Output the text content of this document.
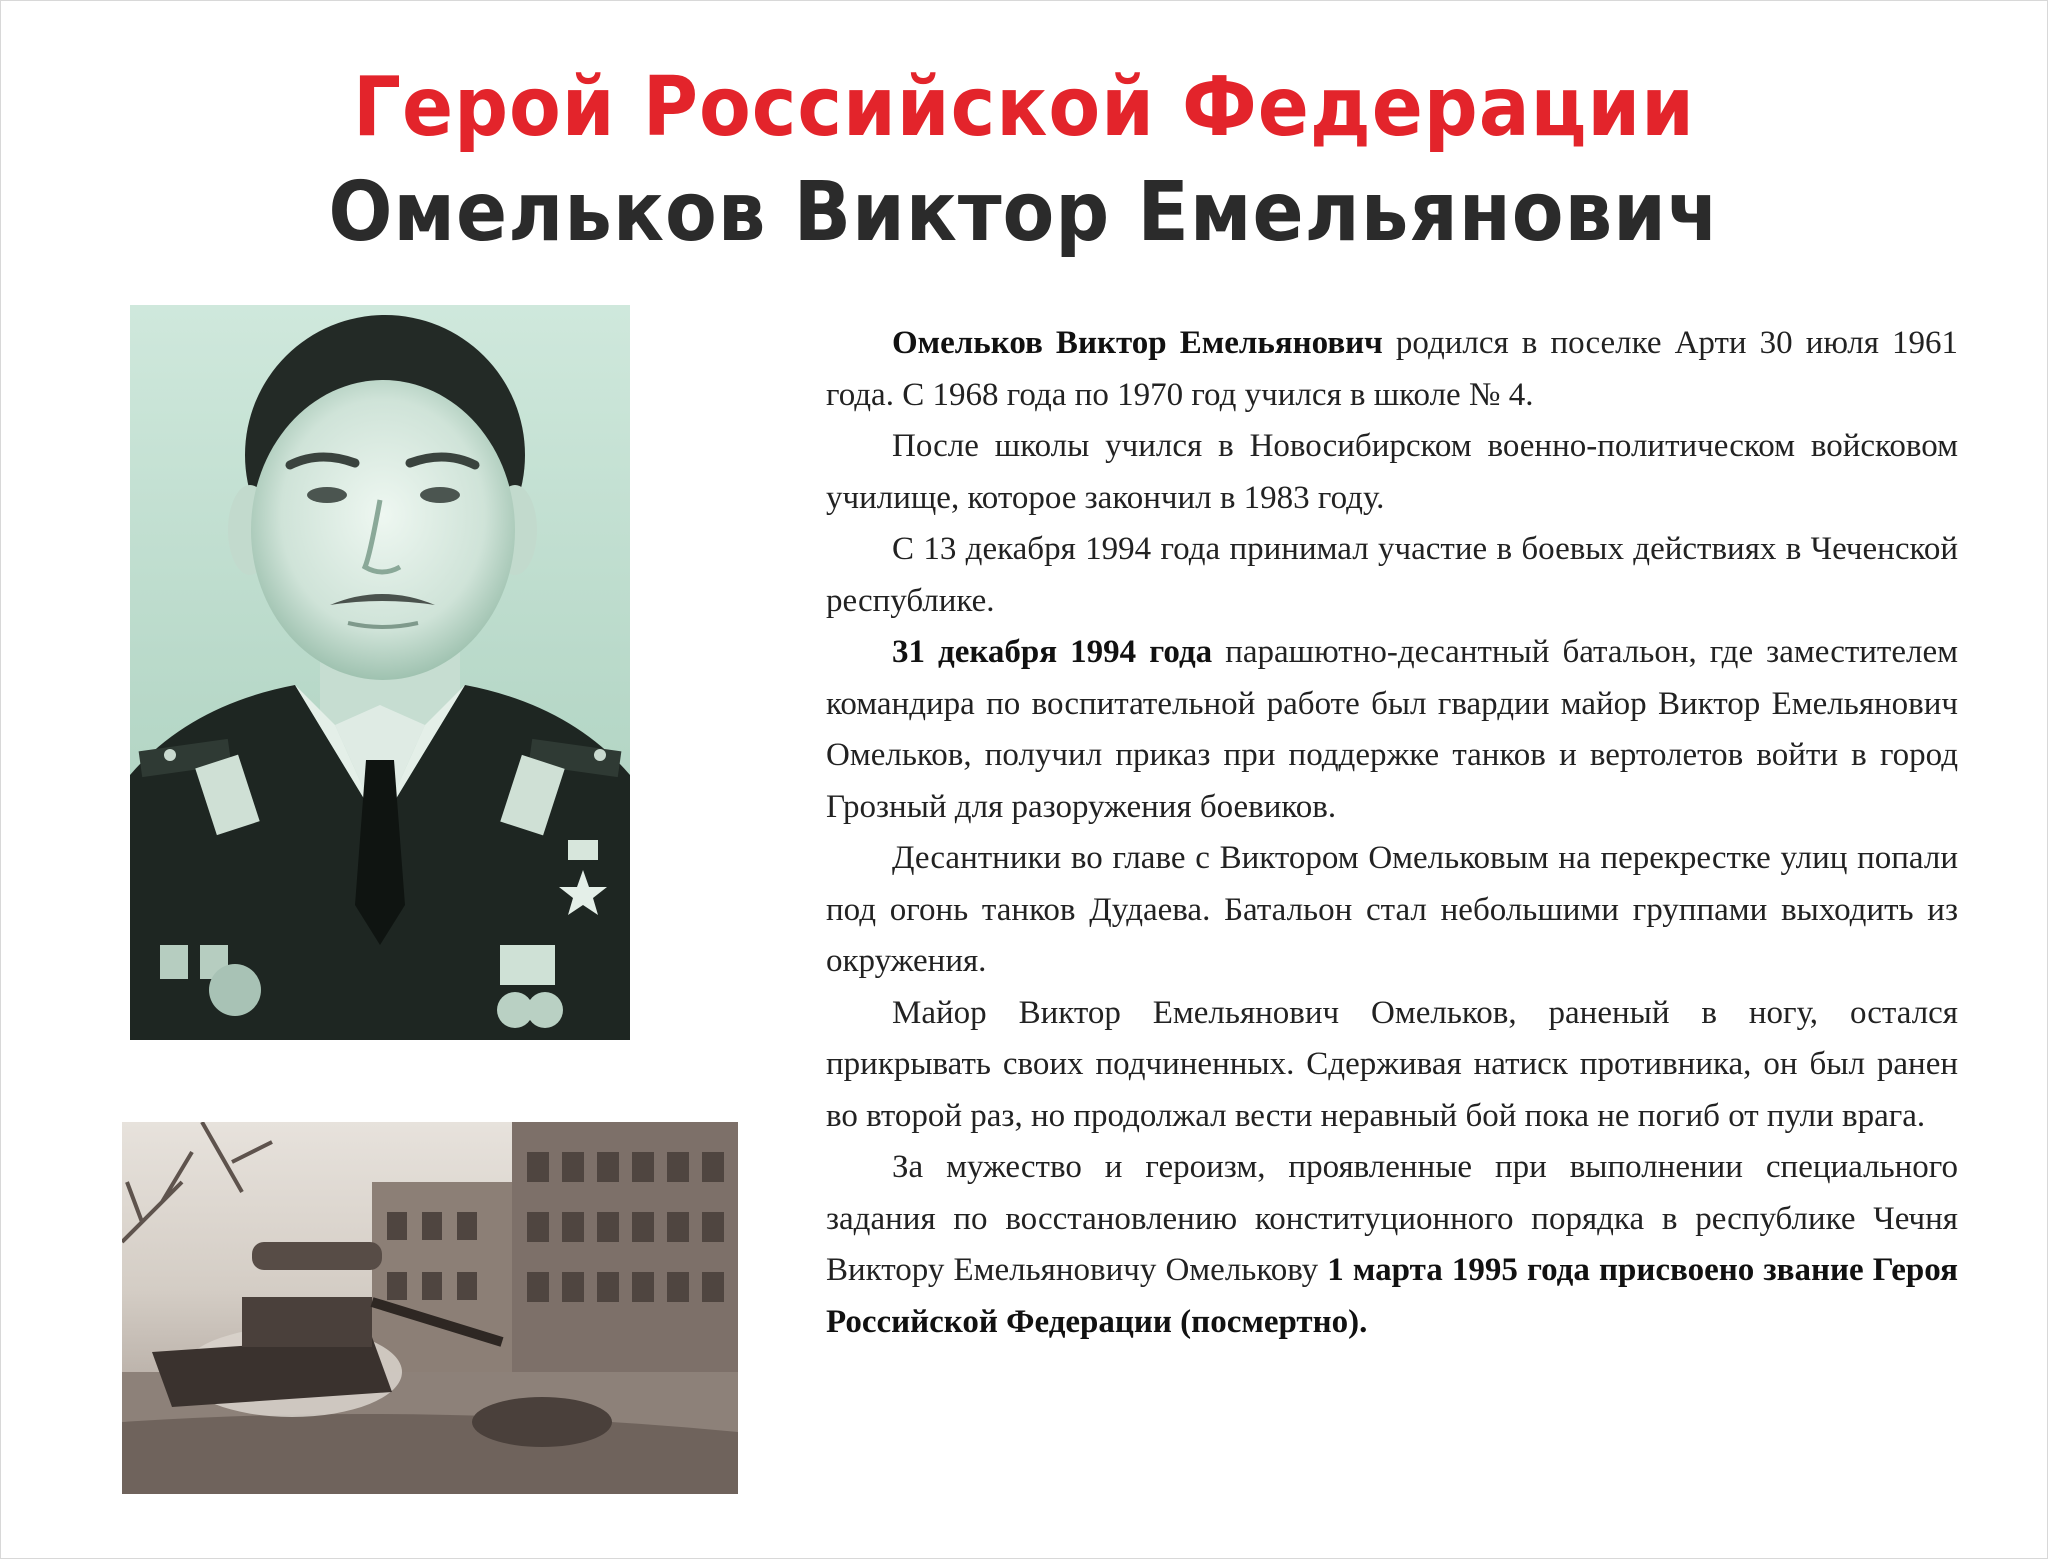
Герой Российской Федерации
Омельков Виктор Емельянович

Омельков Виктор Емельянович родился в поселке Арти 30 июля 1961 года. С 1968 года по 1970 год учился в школе № 4.

После школы учился в Новосибирском военно-политическом войсковом училище, которое закончил в 1983 году.

С 13 декабря 1994 года принимал участие в боевых действиях в Чеченской республике.

31 декабря 1994 года парашютно-десантный батальон, где заместителем командира по воспитательной работе был гвардии майор Виктор Емельянович Омельков, получил приказ при поддержке танков и вертолетов войти в город Грозный для разоружения боевиков.

Десантники во главе с Виктором Омельковым на перекрестке улиц попали под огонь танков Дудаева. Батальон стал небольшими группами выходить из окружения.

Майор Виктор Емельянович Омельков, раненый в ногу, остался прикрывать своих подчиненных. Сдерживая натиск противника, он был ранен во второй раз, но продолжал вести неравный бой пока не погиб от пули врага.

За мужество и героизм, проявленные при выполнении специального задания по восстановлению конституционного порядка в республике Чечня Виктору Емельяновичу Омелькову 1 марта 1995 года присвоено звание Героя Российской Федерации (посмертно).
